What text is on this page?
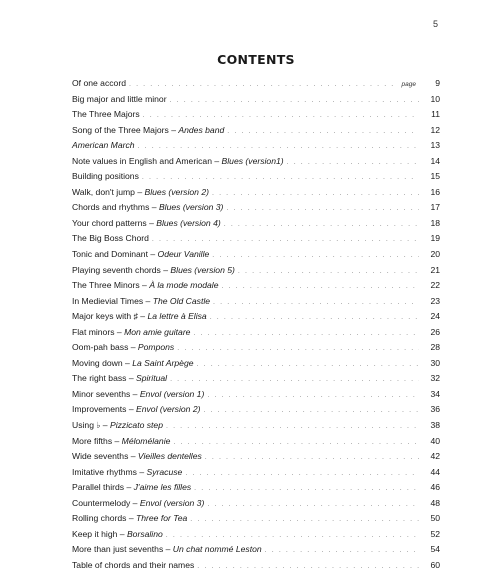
5
CONTENTS
Of one accord . . .	page	9
Big major and little minor . . .	10
The Three Majors . . .	11
Song of the Three Majors – Andes band . . .	12
American March . . .	13
Note values in English and American – Blues (version1) . . .	14
Building positions . . .	15
Walk, don't jump – Blues (version 2) . . .	16
Chords and rhythms – Blues (version 3) . . .	17
Your chord patterns – Blues (version 4) . . .	18
The Big Boss Chord . . .	19
Tonic and Dominant – Odeur Vanille . . .	20
Playing seventh chords – Blues (version 5) . . .	21
The Three Minors – À la mode modale . . .	22
In Medievial Times – The Old Castle . . .	23
Major keys with ♯ – La lettre à Elisa . . .	24
Flat minors – Mon amie guitare . . .	26
Oom-pah bass – Pompons . . .	28
Moving down – La Saint Arpège . . .	30
The right bass – Spiritual . . .	32
Minor sevenths – Envol (version 1) . . .	34
Improvements – Envol (version 2) . . .	36
Using ♭ – Pizzicato step . . .	38
More fifths – Mélomélanie . . .	40
Wide sevenths – Vieilles dentelles . . .	42
Imitative rhythms – Syracuse . . .	44
Parallel thirds – J'aime les filles . . .	46
Countermelody – Envol (version 3) . . .	48
Rolling chords – Three for Tea . . .	50
Keep it high – Borsalino . . .	52
More than just sevenths – Un chat nommé Leston . . .	54
Table of chords and their names . . .	60
